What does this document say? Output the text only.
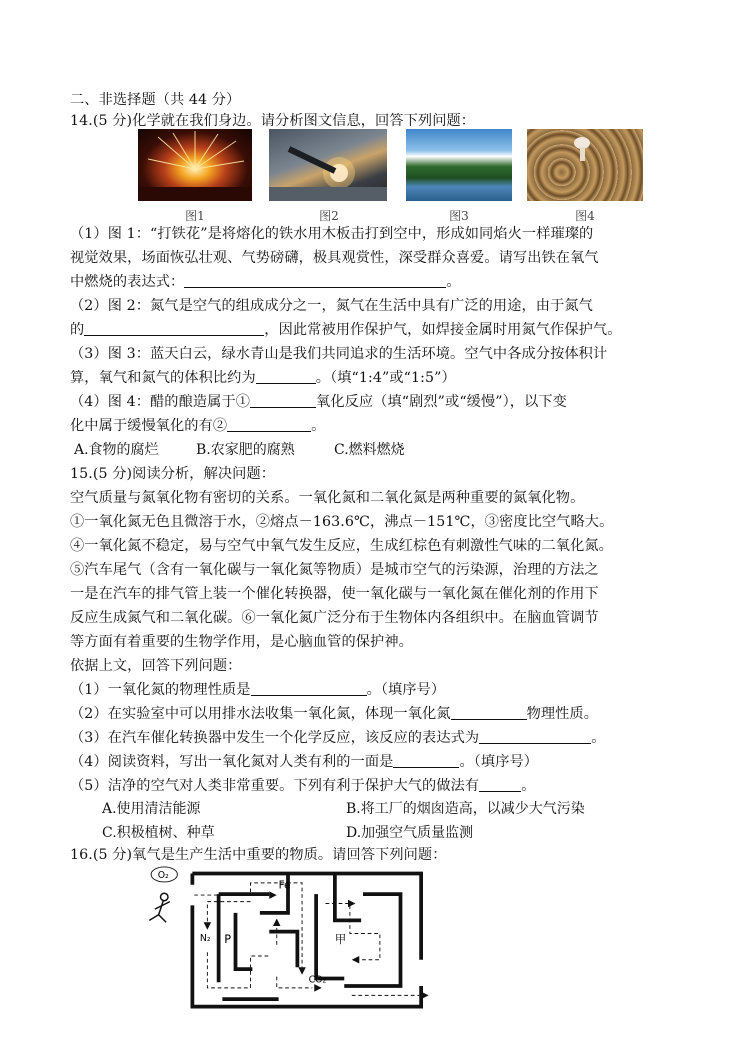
二、非选择题（共 44 分）
14.(5 分)化学就在我们身边。请分析图文信息，回答下列问题：
图1	图2	图3	图4
（1）图 1：“打铁花”是将熔化的铁水用木板击打到空中，形成如同焰火一样璀璨的
视觉效果，场面恢弘壮观、气势磅礴，极具观赏性，深受群众喜爱。请写出铁在氧气
中燃烧的表达式：	。
（2）图 2：氮气是空气的组成成分之一，氮气在生活中具有广泛的用途，由于氮气
的	，因此常被用作保护气，如焊接金属时用氮气作保护气。
（3）图 3：蓝天白云，绿水青山是我们共同追求的生活环境。空气中各成分按体积计
算，氧气和氮气的体积比约为	。（填“1:4”或“1:5”）
（4）图 4：醋的酿造属于①	氧化反应（填“剧烈”或“缓慢”），以下变
化中属于缓慢氧化的有②	。
A.食物的腐烂	B.农家肥的腐熟	C.燃料燃烧
15.(5 分)阅读分析，解决问题：
空气质量与氮氧化物有密切的关系。一氧化氮和二氧化氮是两种重要的氮氧化物。
①一氧化氮无色且微溶于水，②熔点－163.6℃，沸点－151℃，③密度比空气略大。
④一氧化氮不稳定，易与空气中氧气发生反应，生成红棕色有刺激性气味的二氧化氮。
⑤汽车尾气（含有一氧化碳与一氧化氮等物质）是城市空气的污染源，治理的方法之
一是在汽车的排气管上装一个催化转换器，使一氧化碳与一氧化氮在催化剂的作用下
反应生成氮气和二氧化碳。⑥一氧化氮广泛分布于生物体内各组织中。在脑血管调节
等方面有着重要的生物学作用，是心脑血管的保护神。
依据上文，回答下列问题：
（1）一氧化氮的物理性质是	。（填序号）
（2）在实验室中可以用排水法收集一氧化氮，体现一氧化氮	物理性质。
（3）在汽车催化转换器中发生一个化学反应，该反应的表达式为	。
（4）阅读资料，写出一氧化氮对人类有利的一面是	。（填序号）
（5）洁净的空气对人类非常重要。下列有利于保护大气的做法有	。
A.使用清洁能源	B.将工厂的烟囱造高，以减少大气污染
C.积极植树、种草	D.加强空气质量监测
16.(5 分)氧气是生产生活中重要的物质。请回答下列问题：
O₂
Fe
N₂ P	甲
CO₂
